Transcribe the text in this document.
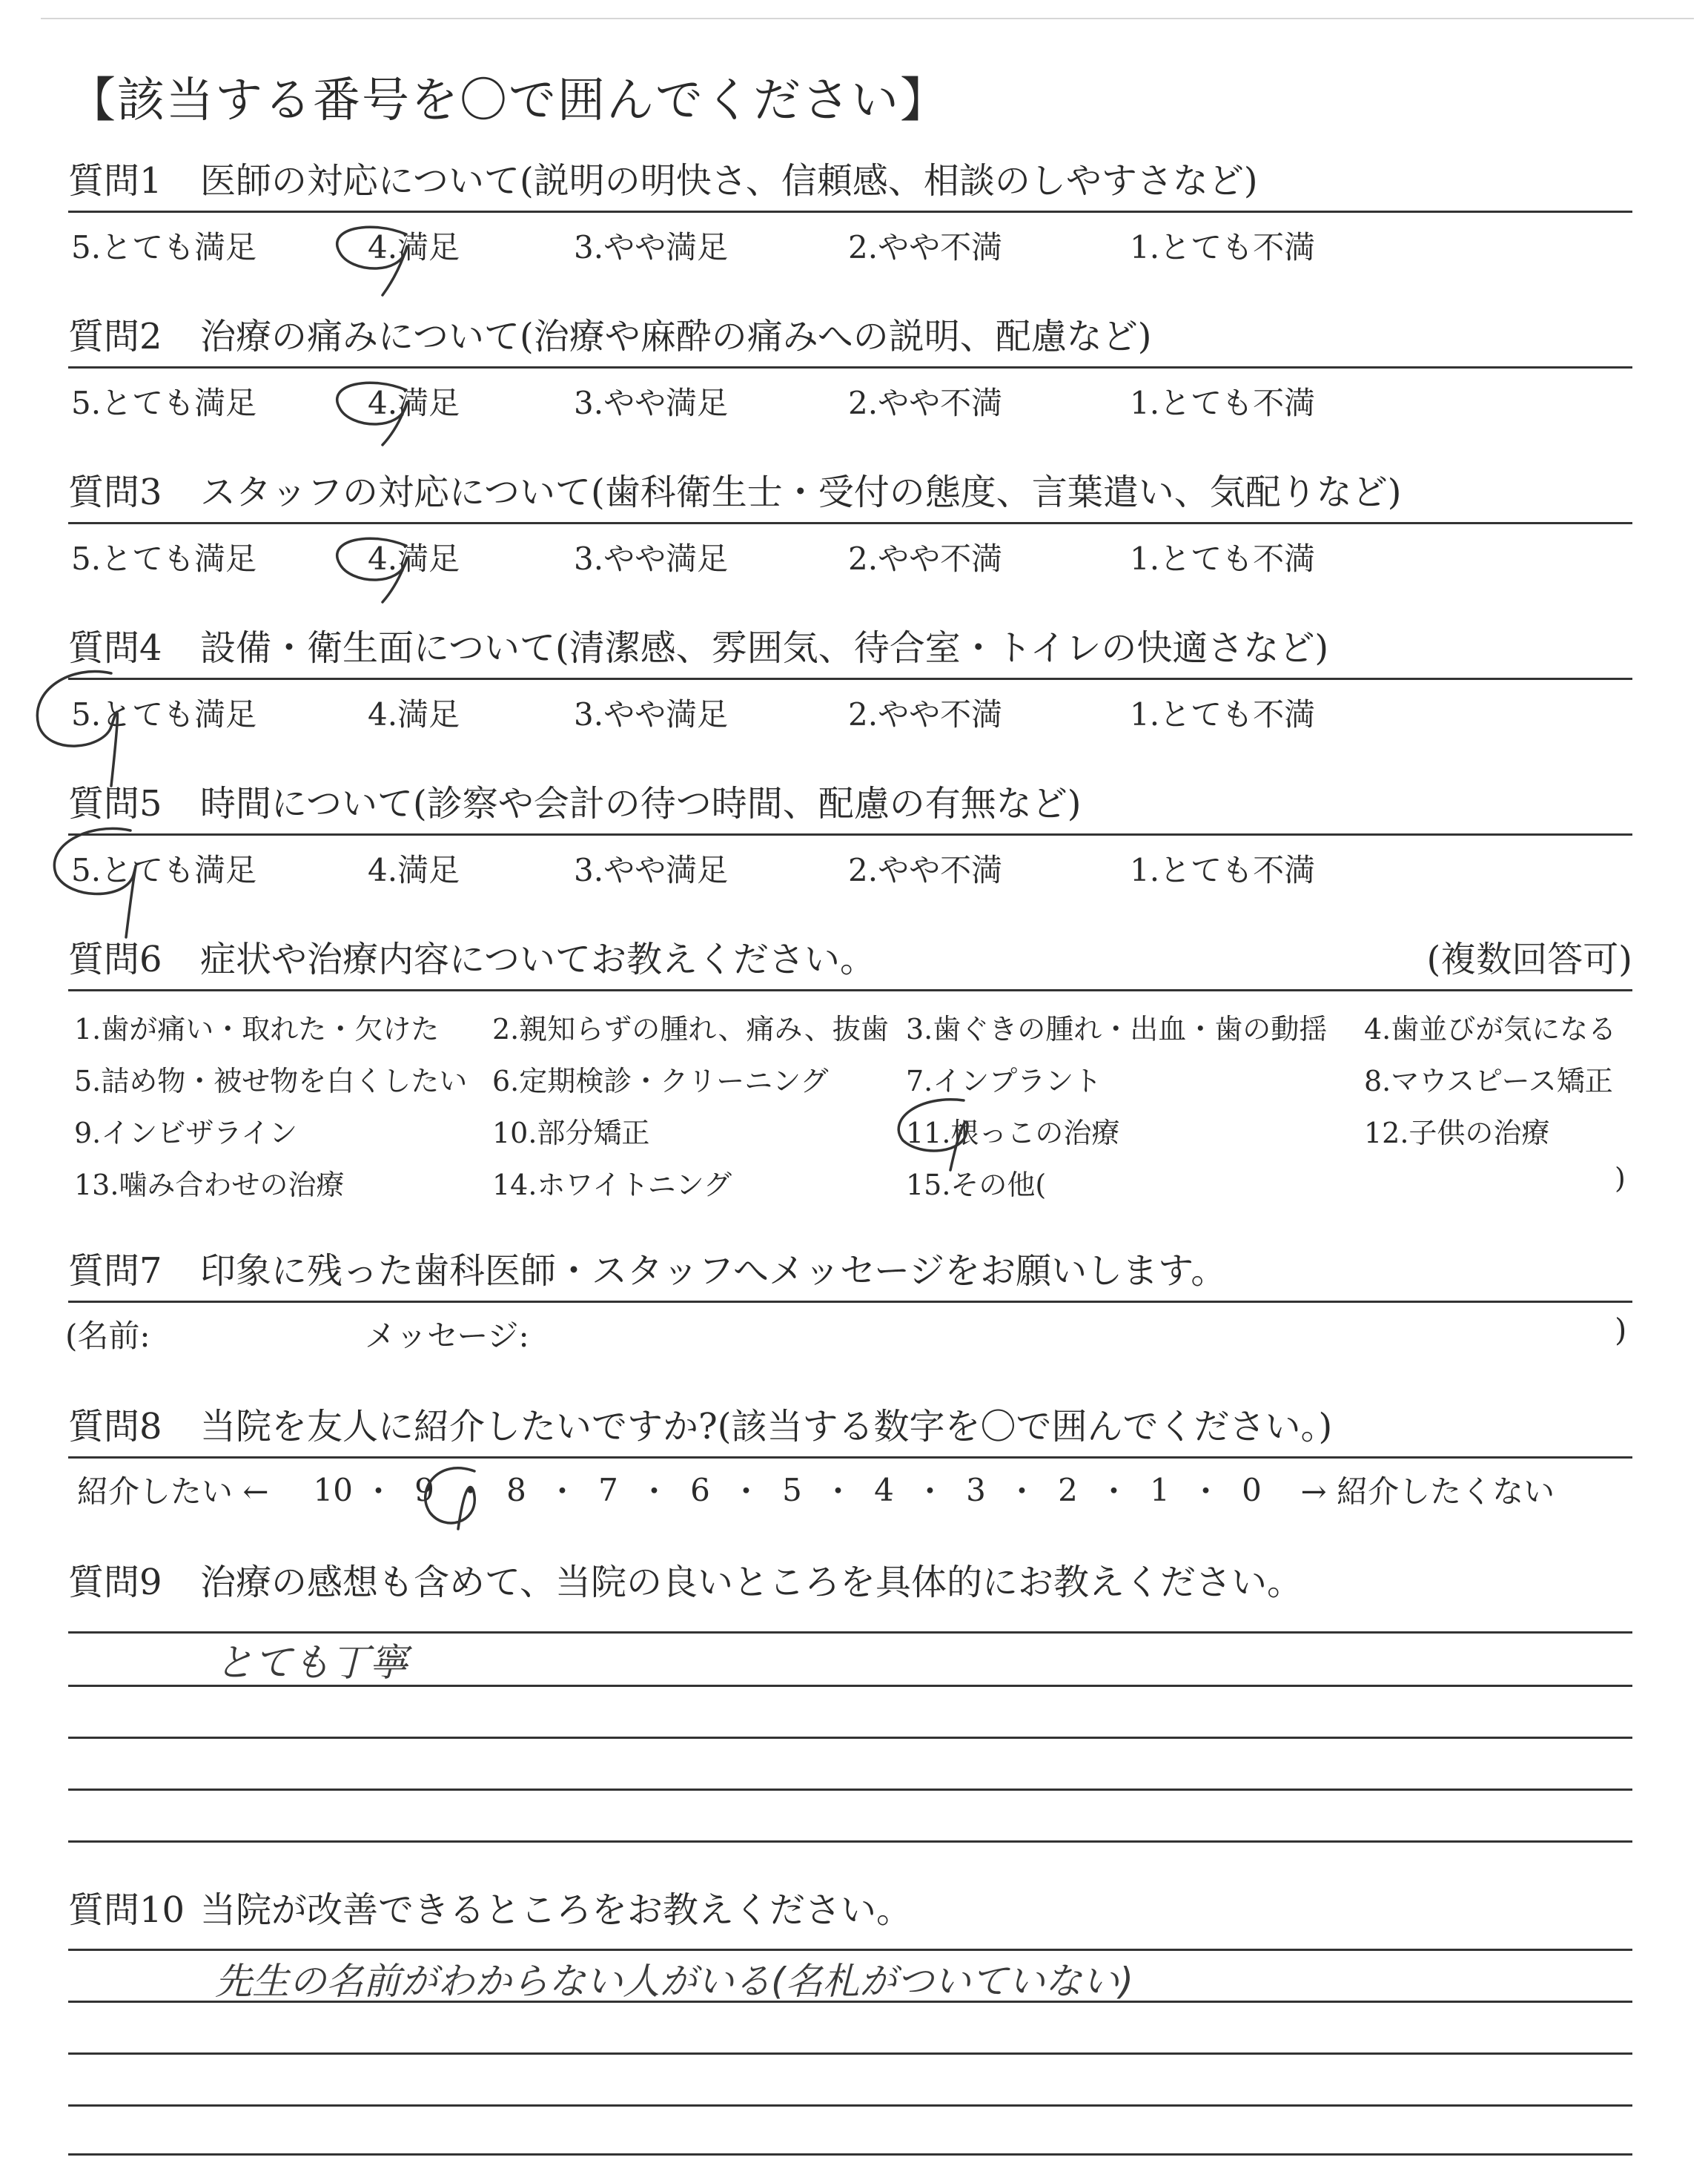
【該当する番号を〇で囲んでください】
質問1	医師の対応について(説明の明快さ、信頼感、相談のしやすさなど)
5.とても満足	4.満足	3.やや満足	2.やや不満	1.とても不満
質問2	治療の痛みについて(治療や麻酔の痛みへの説明、配慮など)
5.とても満足	4.満足	3.やや満足	2.やや不満	1.とても不満
質問3	スタッフの対応について(歯科衛生士・受付の態度、言葉遣い、気配りなど)
5.とても満足	4.満足	3.やや満足	2.やや不満	1.とても不満
質問4	設備・衛生面について(清潔感、雰囲気、待合室・トイレの快適さなど)
5.とても満足	4.満足	3.やや満足	2.やや不満	1.とても不満
質問5	時間について(診察や会計の待つ時間、配慮の有無など)
5.とても満足	4.満足	3.やや満足	2.やや不満	1.とても不満
質問6	症状や治療内容についてお教えください。	(複数回答可)
1.歯が痛い・取れた・欠けた 2.親知らずの腫れ、痛み、抜歯 3.歯ぐきの腫れ・出血・歯の動揺 4.歯並びが気になる
5.詰め物・被せ物を白くしたい 6.定期検診・クリーニング	7.インプラント	8.マウスピース矯正
9.インビザライン	10.部分矯正	11.根っこの治療	12.子供の治療
13.噛み合わせの治療	14.ホワイトニング	15.その他(	)
質問7	印象に残った歯科医師・スタッフへメッセージをお願いします。
(名前:	メッセージ:	)
質問8	当院を友人に紹介したいですか?(該当する数字を〇で囲んでください。)
紹介したい ← 10 ・ 9 ・ 8 ・ 7 ・ 6 ・ 5 ・ 4 ・ 3 ・ 2 ・ 1 ・ 0	→ 紹介したくない
質問9	治療の感想も含めて、当院の良いところを具体的にお教えください。
とても丁寧
質問10 当院が改善できるところをお教えください。
先生の名前がわからない人がいる(名札がついていない)
